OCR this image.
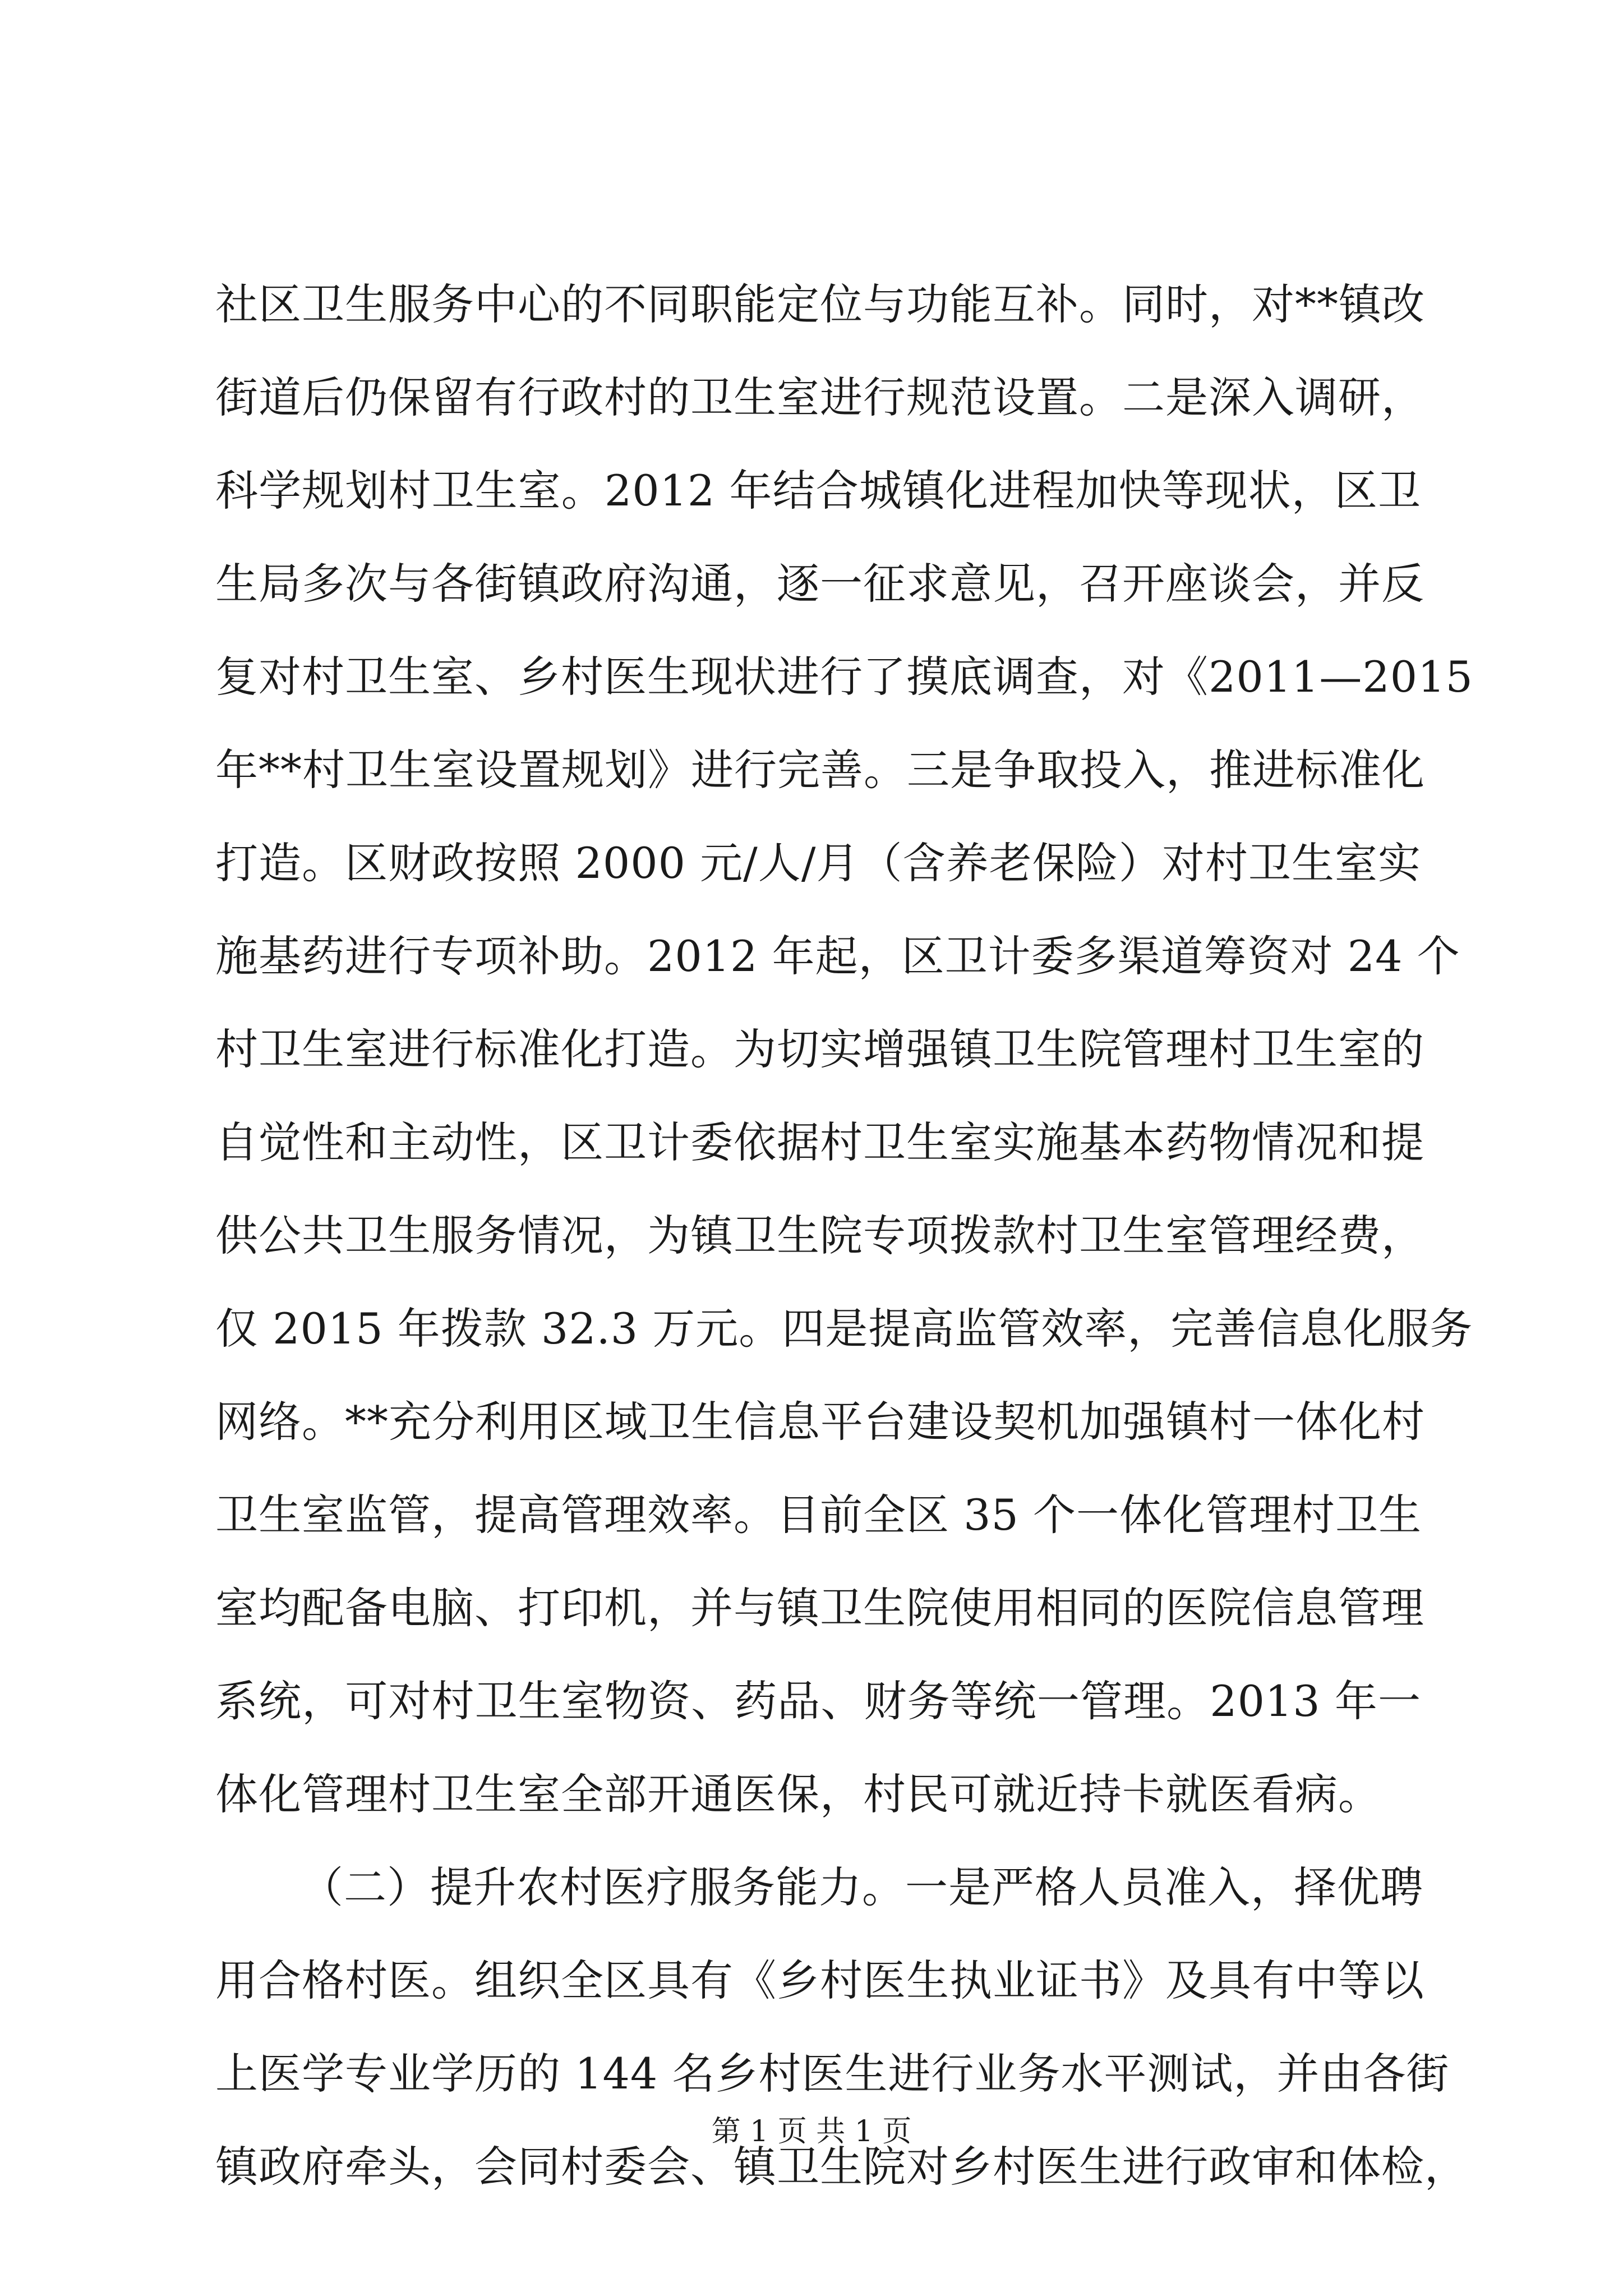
社区卫生服务中心的不同职能定位与功能互补。同时，对**镇改
街道后仍保留有行政村的卫生室进行规范设置。二是深入调研，
科学规划村卫生室。2012 年结合城镇化进程加快等现状，区卫
生局多次与各街镇政府沟通，逐一征求意见，召开座谈会，并反
复对村卫生室、乡村医生现状进行了摸底调查，对《2011—2015
年**村卫生室设置规划》进行完善。三是争取投入，推进标准化
打造。区财政按照 2000 元/人/月（含养老保险）对村卫生室实
施基药进行专项补助。2012 年起，区卫计委多渠道筹资对 24 个
村卫生室进行标准化打造。为切实增强镇卫生院管理村卫生室的
自觉性和主动性，区卫计委依据村卫生室实施基本药物情况和提
供公共卫生服务情况，为镇卫生院专项拨款村卫生室管理经费，
仅 2015 年拨款 32.3 万元。四是提高监管效率，完善信息化服务
网络。**充分利用区域卫生信息平台建设契机加强镇村一体化村
卫生室监管，提高管理效率。目前全区 35 个一体化管理村卫生
室均配备电脑、打印机，并与镇卫生院使用相同的医院信息管理
系统，可对村卫生室物资、药品、财务等统一管理。2013 年一
体化管理村卫生室全部开通医保，村民可就近持卡就医看病。
（二）提升农村医疗服务能力。一是严格人员准入，择优聘
用合格村医。组织全区具有《乡村医生执业证书》及具有中等以
上医学专业学历的 144 名乡村医生进行业务水平测试，并由各街
镇政府牵头，会同村委会、镇卫生院对乡村医生进行政审和体检，
第 1 页 共 1 页
